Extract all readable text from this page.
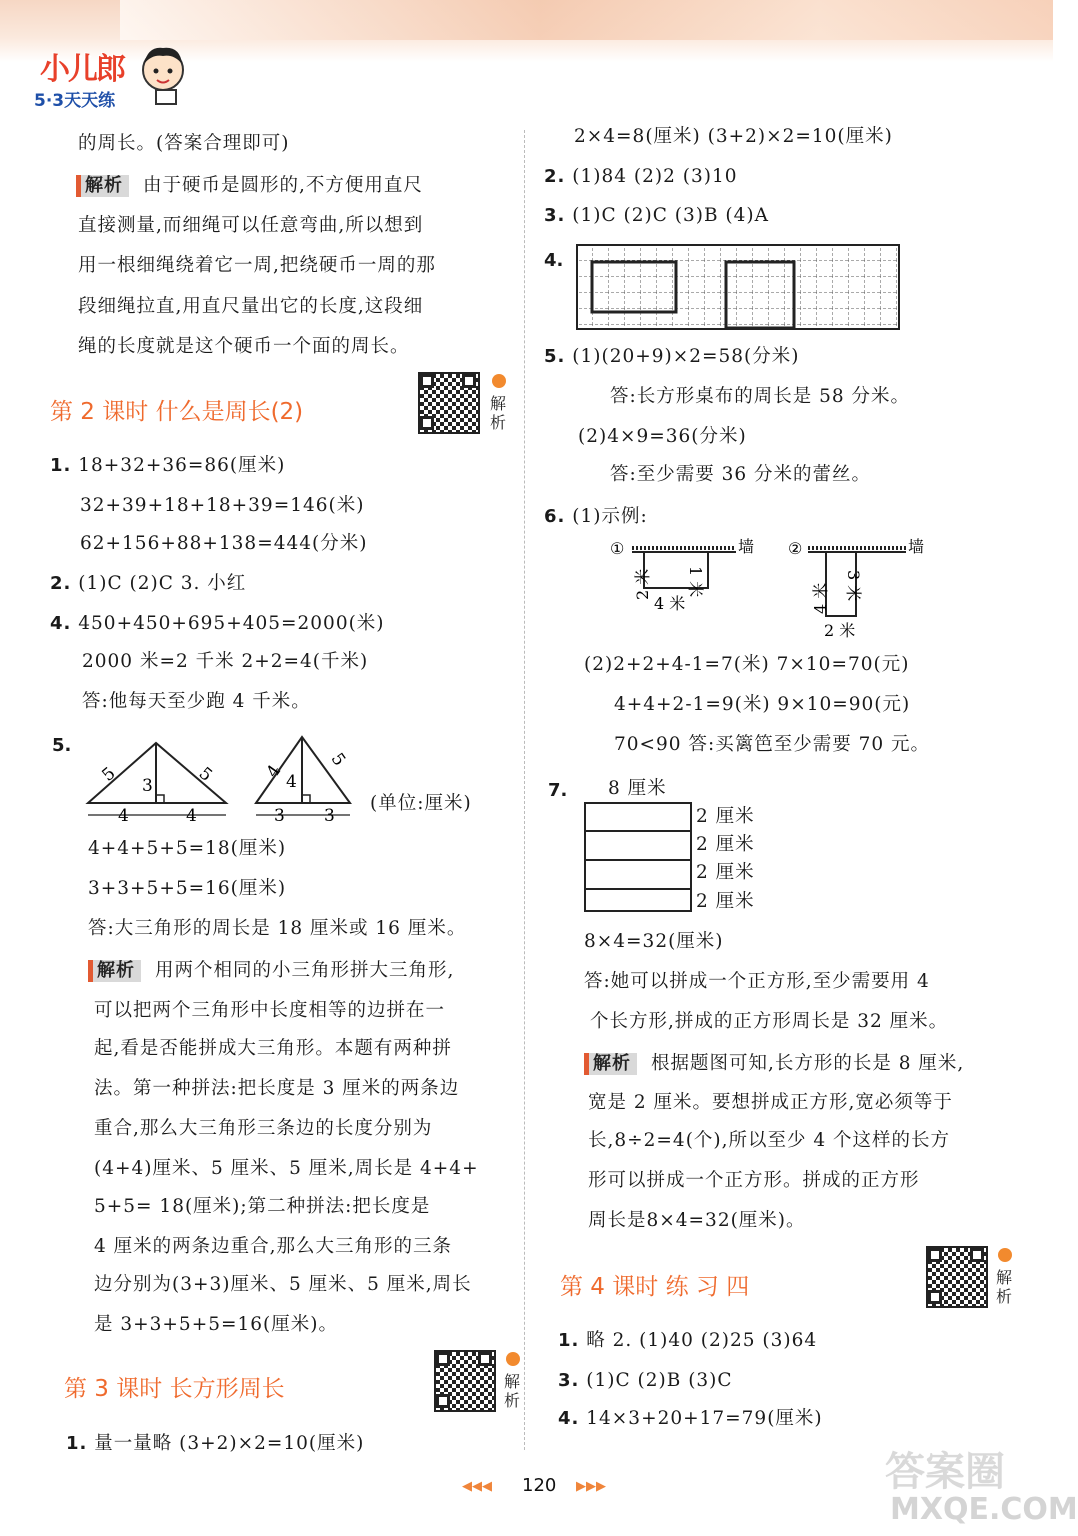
小儿郎
5·3天天练
的周长。(答案合理即可)
解析 由于硬币是圆形的,不方便用直尺
直接测量,而细绳可以任意弯曲,所以想到
用一根细绳绕着它一周,把绕硬币一周的那
段细绳拉直,用直尺量出它的长度,这段细
绳的长度就是这个硬币一个面的周长。
第 2 课时 什么是周长(2)	解析
1. 18+32+36=86(厘米)
32+39+18+18+39=146(米)
62+156+88+138=444(分米)
2. (1)C (2)C 3. 小红
4. 450+450+695+405=2000(米)
2000 米=2 千米 2+2=4(千米)
答:他每天至少跑 4 千米。
5.
5	5
3
4	4
4
5
4
3 3
(单位:厘米)
4+4+5+5=18(厘米)
3+3+5+5=16(厘米)
答:大三角形的周长是 18 厘米或 16 厘米。
解析 用两个相同的小三角形拼大三角形,
可以把两个三角形中长度相等的边拼在一
起,看是否能拼成大三角形。本题有两种拼
法。第一种拼法:把长度是 3 厘米的两条边
重合,那么大三角形三条边的长度分别为
(4+4)厘米、5 厘米、5 厘米,周长是 4+4+
5+5= 18(厘米);第二种拼法:把长度是
4 厘米的两条边重合,那么大三角形的三条
边分别为(3+3)厘米、5 厘米、5 厘米,周长
是 3+3+5+5=16(厘米)。
第 3 课时 长方形周长	解析
1. 量一量略 (3+2)×2=10(厘米)
2×4=8(厘米) (3+2)×2=10(厘米)
2. (1)84 (2)2 (3)10
3. (1)C (2)C (3)B (4)A
4.
5. (1)(20+9)×2=58(分米)
答:长方形桌布的周长是 58 分米。
(2)4×9=36(分米)
答:至少需要 36 分米的蕾丝。
6. (1)示例:
①	墙
2 米
4 米
1 米
②	墙
4 米 3 米
2 米
(2)2+2+4-1=7(米) 7×10=70(元)
4+4+2-1=9(米) 9×10=90(元)
70<90 答:买篱笆至少需要 70 元。
7. 8 厘米
2 厘米
2 厘米
2 厘米
2 厘米
8×4=32(厘米)
答:她可以拼成一个正方形,至少需要用 4
个长方形,拼成的正方形周长是 32 厘米。
解析 根据题图可知,长方形的长是 8 厘米,
宽是 2 厘米。要想拼成正方形,宽必须等于
长,8÷2=4(个),所以至少 4 个这样的长方
形可以拼成一个正方形。拼成的正方形
周长是8×4=32(厘米)。
第 4 课时 练 习 四	解析
1. 略 2. (1)40 (2)25 (3)64
3. (1)C (2)B (3)C
4. 14×3+20+17=79(厘米)
◀◀◀ 120 ▶▶▶	答案圈
MXQE.COM
